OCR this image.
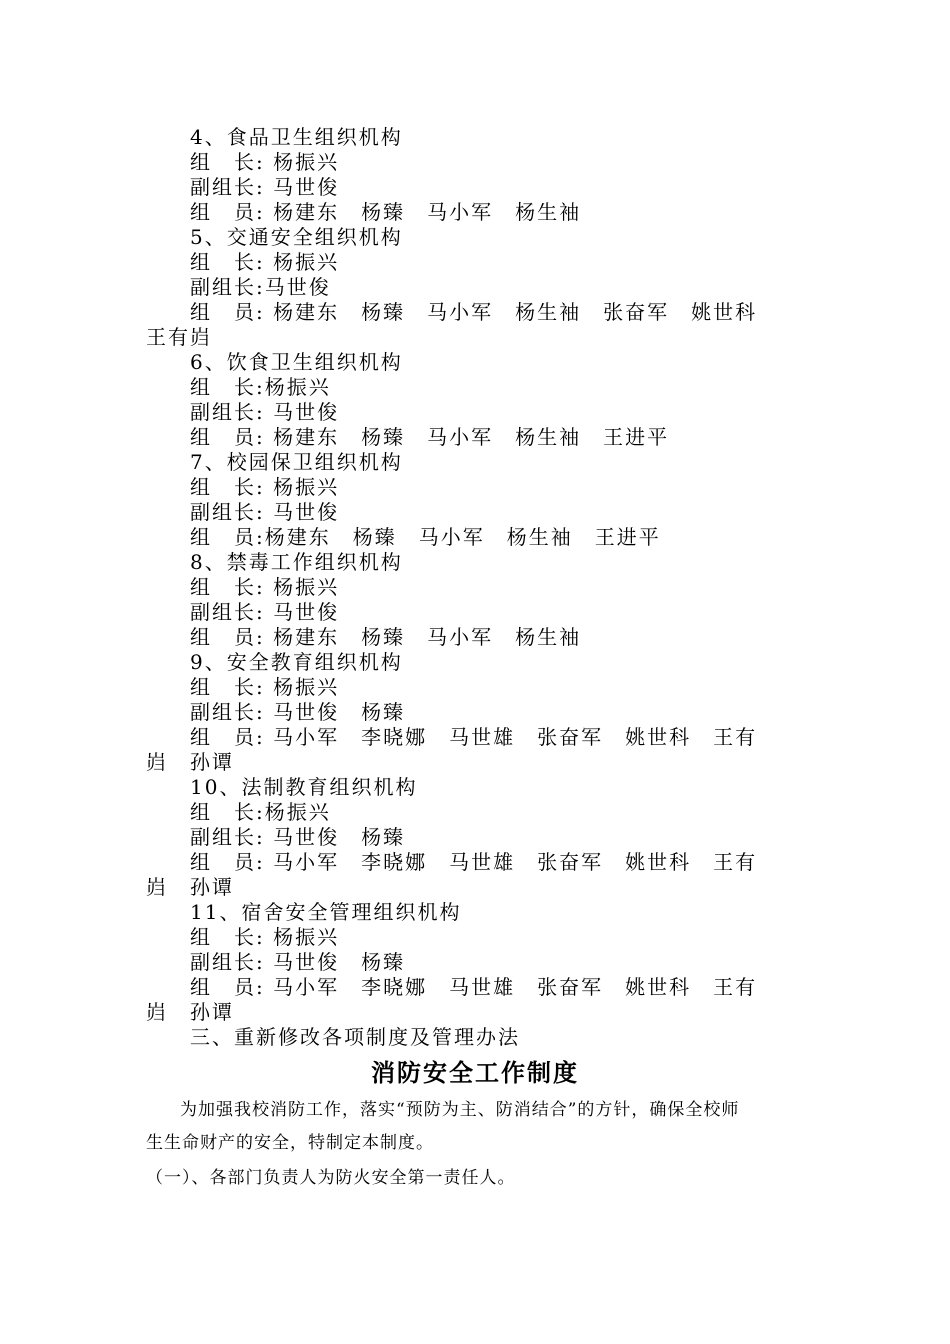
4、食品卫生组织机构
组　长: 杨振兴
副组长: 马世俊
组　员: 杨建东　杨臻　马小军　杨生袖
5、交通安全组织机构
组　长: 杨振兴
副组长:马世俊
组　员: 杨建东　杨臻　马小军　杨生袖　张奋军　姚世科
王有岿
6、饮食卫生组织机构
组　长:杨振兴
副组长: 马世俊
组　员: 杨建东　杨臻　马小军　杨生袖　王进平
7、校园保卫组织机构
组　长: 杨振兴
副组长: 马世俊
组　员:杨建东　杨臻　马小军　杨生袖　王进平
8、禁毒工作组织机构
组　长: 杨振兴
副组长: 马世俊
组　员: 杨建东　杨臻　马小军　杨生袖
9、安全教育组织机构
组　长: 杨振兴
副组长: 马世俊　杨臻
组　员: 马小军　李晓娜　马世雄　张奋军　姚世科　王有
岿　孙谭
10、法制教育组织机构
组　长:杨振兴
副组长: 马世俊　杨臻
组　员: 马小军　李晓娜　马世雄　张奋军　姚世科　王有
岿　孙谭
11、宿舍安全管理组织机构
组　长: 杨振兴
副组长: 马世俊　杨臻
组　员: 马小军　李晓娜　马世雄　张奋军　姚世科　王有
岿　孙谭
三、重新修改各项制度及管理办法
消防安全工作制度
为加强我校消防工作，落实“预防为主、防消结合”的方针，确保全校师
生生命财产的安全，特制定本制度。
（一）、各部门负责人为防火安全第一责任人。
